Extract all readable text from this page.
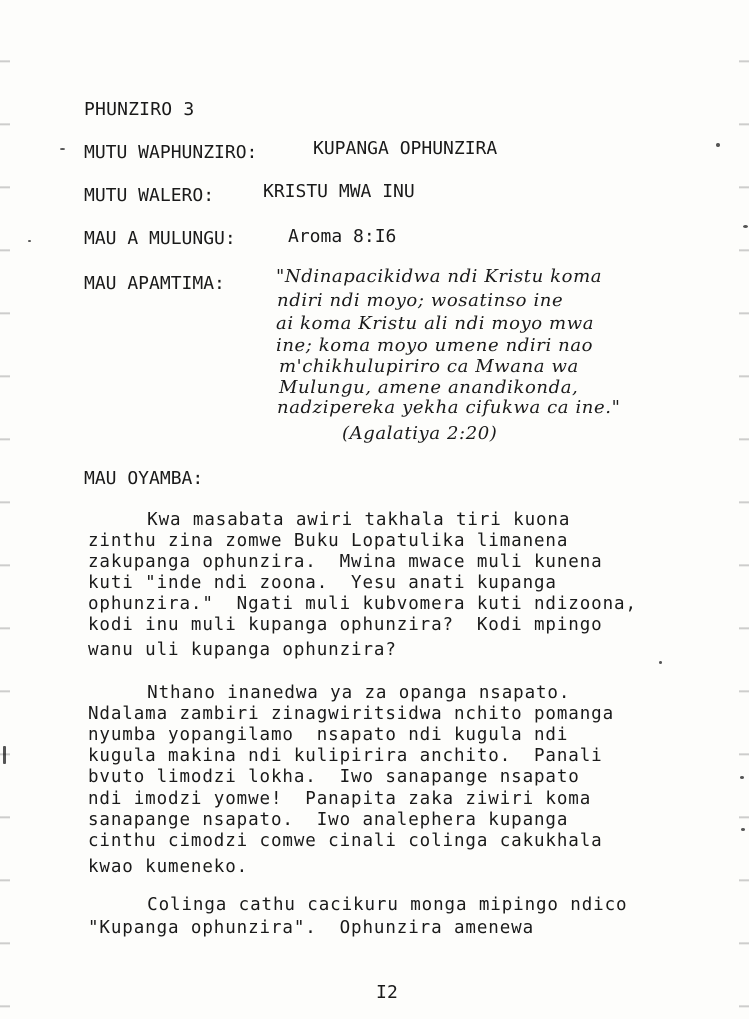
PHUNZIRO 3
MUTU WAPHUNZIRO:	KUPANGA OPHUNZIRA
MUTU WALERO:	KRISTU MWA INU
MAU A MULUNGU:	Aroma 8:I6
MAU APAMTIMA:	"Ndinapacikidwa ndi Kristu koma
ndiri ndi moyo; wosatinso ine
ai koma Kristu ali ndi moyo mwa
ine; koma moyo umene ndiri nao
m'chikhulupiriro ca Mwana wa
Mulungu, amene anandikonda,
nadzipereka yekha cifukwa ca ine."
(Agalatiya 2:20)
MAU OYAMBA:
Kwa masabata awiri takhala tiri kuona
zinthu zina zomwe Buku Lopatulika limanena
zakupanga ophunzira.  Mwina mwace muli kunena
kuti "inde ndi zoona.  Yesu anati kupanga
ophunzira."  Ngati muli kubvomera kuti ndizoona,
kodi inu muli kupanga ophunzira?  Kodi mpingo
wanu uli kupanga ophunzira?
Nthano inanedwa ya za opanga nsapato.
Ndalama zambiri zinagwiritsidwa nchito pomanga
nyumba yopangilamo  nsapato ndi kugula ndi
kugula makina ndi kulipirira anchito.  Panali
bvuto limodzi lokha.  Iwo sanapange nsapato
ndi imodzi yomwe!  Panapita zaka ziwiri koma
sanapange nsapato.  Iwo analephera kupanga
cinthu cimodzi comwe cinali colinga cakukhala
kwao kumeneko.
Colinga cathu cacikuru monga mipingo ndico
"Kupanga ophunzira".  Ophunzira amenewa
I2
